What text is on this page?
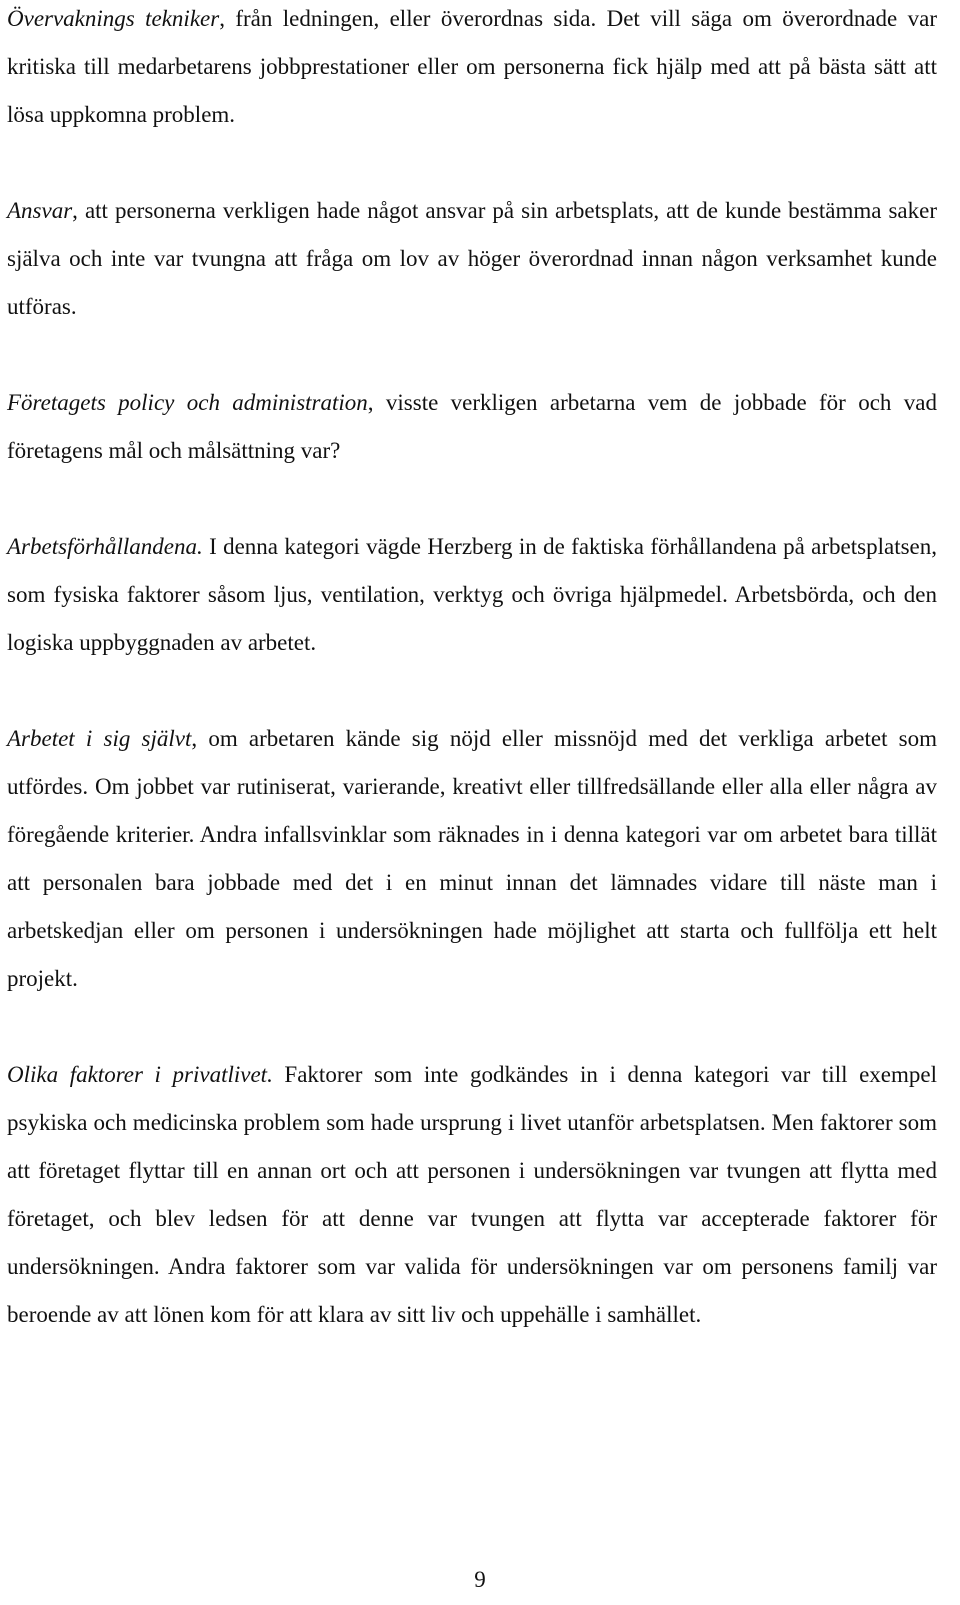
Övervaknings tekniker, från ledningen, eller överordnas sida. Det vill säga om överordnade var kritiska till medarbetarens jobbprestationer eller om personerna fick hjälp med att på bästa sätt att lösa uppkomna problem.

Ansvar, att personerna verkligen hade något ansvar på sin arbetsplats, att de kunde bestämma saker själva och inte var tvungna att fråga om lov av höger överordnad innan någon verksamhet kunde utföras.

Företagets policy och administration, visste verkligen arbetarna vem de jobbade för och vad företagens mål och målsättning var?

Arbetsförhållandena. I denna kategori vägde Herzberg in de faktiska förhållandena på arbetsplatsen, som fysiska faktorer såsom ljus, ventilation, verktyg och övriga hjälpmedel. Arbetsbörda, och den logiska uppbyggnaden av arbetet.

Arbetet i sig självt, om arbetaren kände sig nöjd eller missnöjd med det verkliga arbetet som utfördes. Om jobbet var rutiniserat, varierande, kreativt eller tillfredsällande eller alla eller några av föregående kriterier. Andra infallsvinklar som räknades in i denna kategori var om arbetet bara tillät att personalen bara jobbade med det i en minut innan det lämnades vidare till näste man i arbetskedjan eller om personen i undersökningen hade möjlighet att starta och fullfölja ett helt projekt.

Olika faktorer i privatlivet. Faktorer som inte godkändes in i denna kategori var till exempel psykiska och medicinska problem som hade ursprung i livet utanför arbetsplatsen. Men faktorer som att företaget flyttar till en annan ort och att personen i undersökningen var tvungen att flytta med företaget, och blev ledsen för att denne var tvungen att flytta var accepterade faktorer för undersökningen. Andra faktorer som var valida för undersökningen var om personens familj var beroende av att lönen kom för att klara av sitt liv och uppehälle i samhället.

9
